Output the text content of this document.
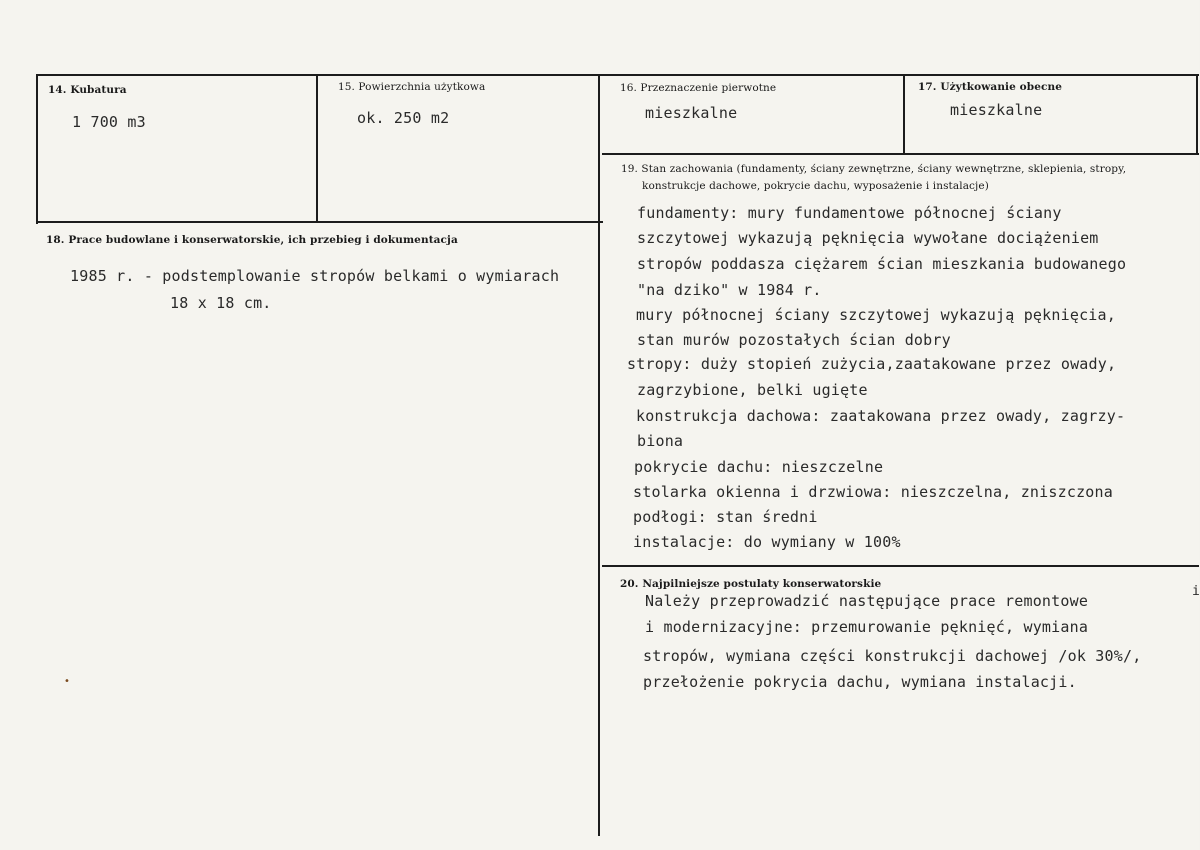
14. Kubatura
1 700 m3
15. Powierzchnia użytkowa
ok. 250 m2
16. Przeznaczenie pierwotne
mieszkalne
17. Użytkowanie obecne
mieszkalne
18. Prace budowlane i konserwatorskie, ich przebieg i dokumentacja
1985 r. - podstemplowanie stropów belkami o wymiarach
18 x 18 cm.
19. Stan zachowania (fundamenty, ściany zewnętrzne, ściany wewnętrzne, sklepienia, stropy,
konstrukcje dachowe, pokrycie dachu, wyposażenie i instalacje)
fundamenty: mury fundamentowe północnej ściany
szczytowej wykazują pęknięcia wywołane dociążeniem
stropów poddasza ciężarem ścian mieszkania budowanego
"na dziko" w 1984 r.
mury północnej ściany szczytowej wykazują pęknięcia,
stan murów pozostałych ścian dobry
stropy: duży stopień zużycia,zaatakowane przez owady,
zagrzybione, belki ugięte
konstrukcja dachowa: zaatakowana przez owady, zagrzy-
biona
pokrycie dachu: nieszczelne
stolarka okienna i drzwiowa: nieszczelna, zniszczona
podłogi: stan średni
instalacje: do wymiany w 100%
20. Najpilniejsze postulaty konserwatorskie
Należy przeprowadzić następujące prace remontowe
i modernizacyjne: przemurowanie pęknięć, wymiana
stropów, wymiana części konstrukcji dachowej /ok 30%/,
przełożenie pokrycia dachu, wymiana instalacji.
•
i
